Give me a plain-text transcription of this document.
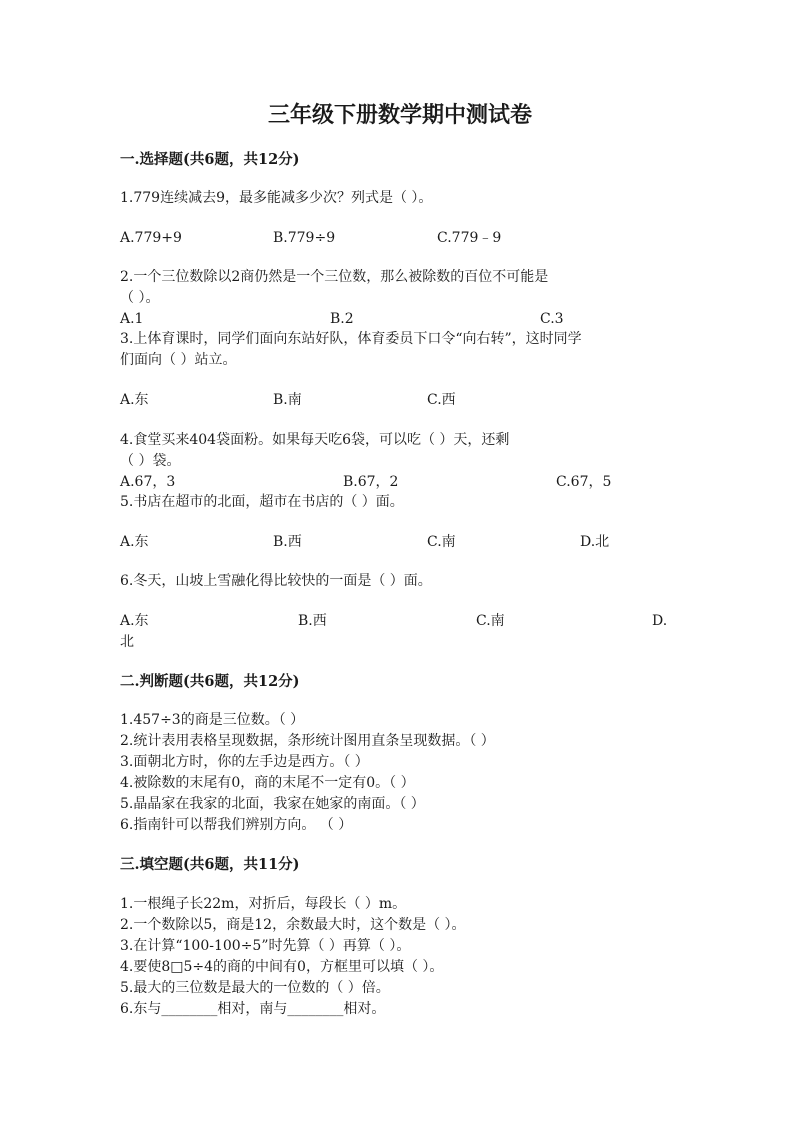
三年级下册数学期中测试卷
一.选择题(共6题，共12分)
1.779连续减去9，最多能减多少次？列式是（ ）。
A.779+9	B.779÷9	C.779﹣9
2.一个三位数除以2商仍然是一个三位数，那么被除数的百位不可能是
（ ）。
A.1	B.2	C.3
3.上体育课时，同学们面向东站好队，体育委员下口令“向右转”，这时同学
们面向（ ）站立。
A.东	B.南	C.西
4.食堂买来404袋面粉。如果每天吃6袋，可以吃（ ）天，还剩
（ ）袋。
A.67，3	B.67，2	C.67，5
5.书店在超市的北面，超市在书店的（ ）面。
A.东	B.西	C.南	D.北
6.冬天，山坡上雪融化得比较快的一面是（ ）面。
A.东	B.西	C.南	D.
北
二.判断题(共6题，共12分)
1.457÷3的商是三位数。（ ）
2.统计表用表格呈现数据，条形统计图用直条呈现数据。（ ）
3.面朝北方时，你的左手边是西方。（ ）
4.被除数的末尾有0，商的末尾不一定有0。（ ）
5.晶晶家在我家的北面，我家在她家的南面。（ ）
6.指南针可以帮我们辨别方向。 （ ）
三.填空题(共6题，共11分)
1.一根绳子长22m，对折后，每段长（ ）m。
2.一个数除以5，商是12，余数最大时，这个数是（ ）。
3.在计算“100-100÷5”时先算（ ）再算（ ）。
4.要使8□5÷4的商的中间有0，方框里可以填（ ）。
5.最大的三位数是最大的一位数的（ ）倍。
6.东与________相对，南与________相对。
